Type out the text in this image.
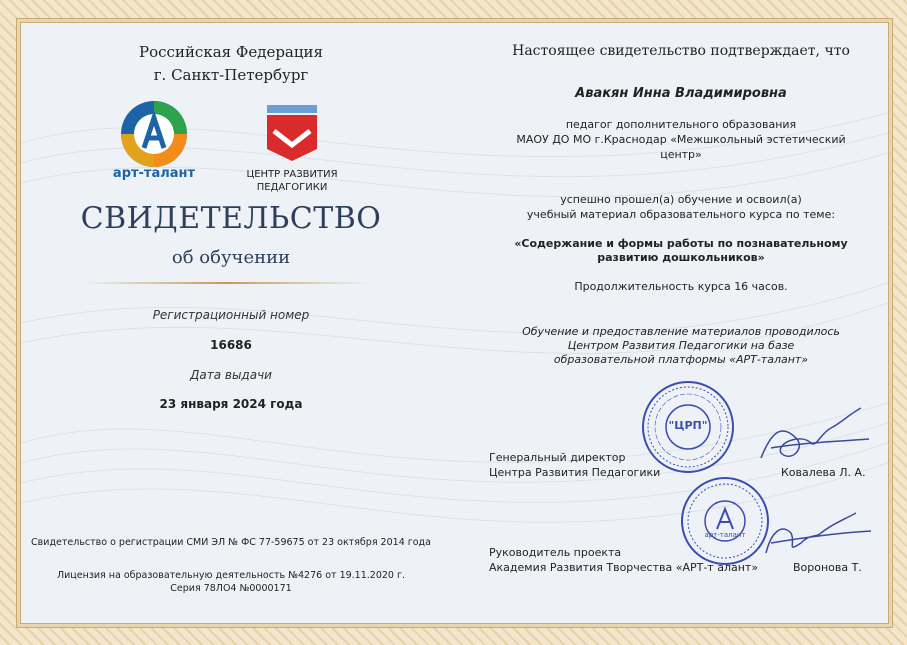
Российская Федерация
г. Санкт-Петербург
арт-талант	ЦЕНТР РАЗВИТИЯ
ПЕДАГОГИКИ
СВИДЕТЕЛЬСТВО
об обучении
Регистрационный номер
16686
Дата выдачи
23 января 2024 года
Свидетельство о регистрации СМИ ЭЛ № ФС 77-59675 от 23 октября 2014 года
Лицензия на образовательную деятельность №4276 от 19.11.2020 г.
Серия 78ЛО4 №0000171
Настоящее свидетельство подтверждает, что
Авакян Инна Владимировна
педагог дополнительного образования
МАОУ ДО МО г.Краснодар «Межшкольный эстетический
центр»
успешно прошел(а) обучение и освоил(а)
учебный материал образовательного курса по теме:
«Содержание и формы работы по познавательному
развитию дошкольников»
Продолжительность курса 16 часов.
Обучение и предоставление материалов проводилось
Центром Развития Педагогики на базе
образовательной платформы «АРТ-талант»
"ЦРП"
Генеральный директор
Центра Развития Педагогики	Ковалева Л. А.
арт-талант
Руководитель проекта
Академия Развития Творчества «АРТ-т алант»	Воронова Т.
